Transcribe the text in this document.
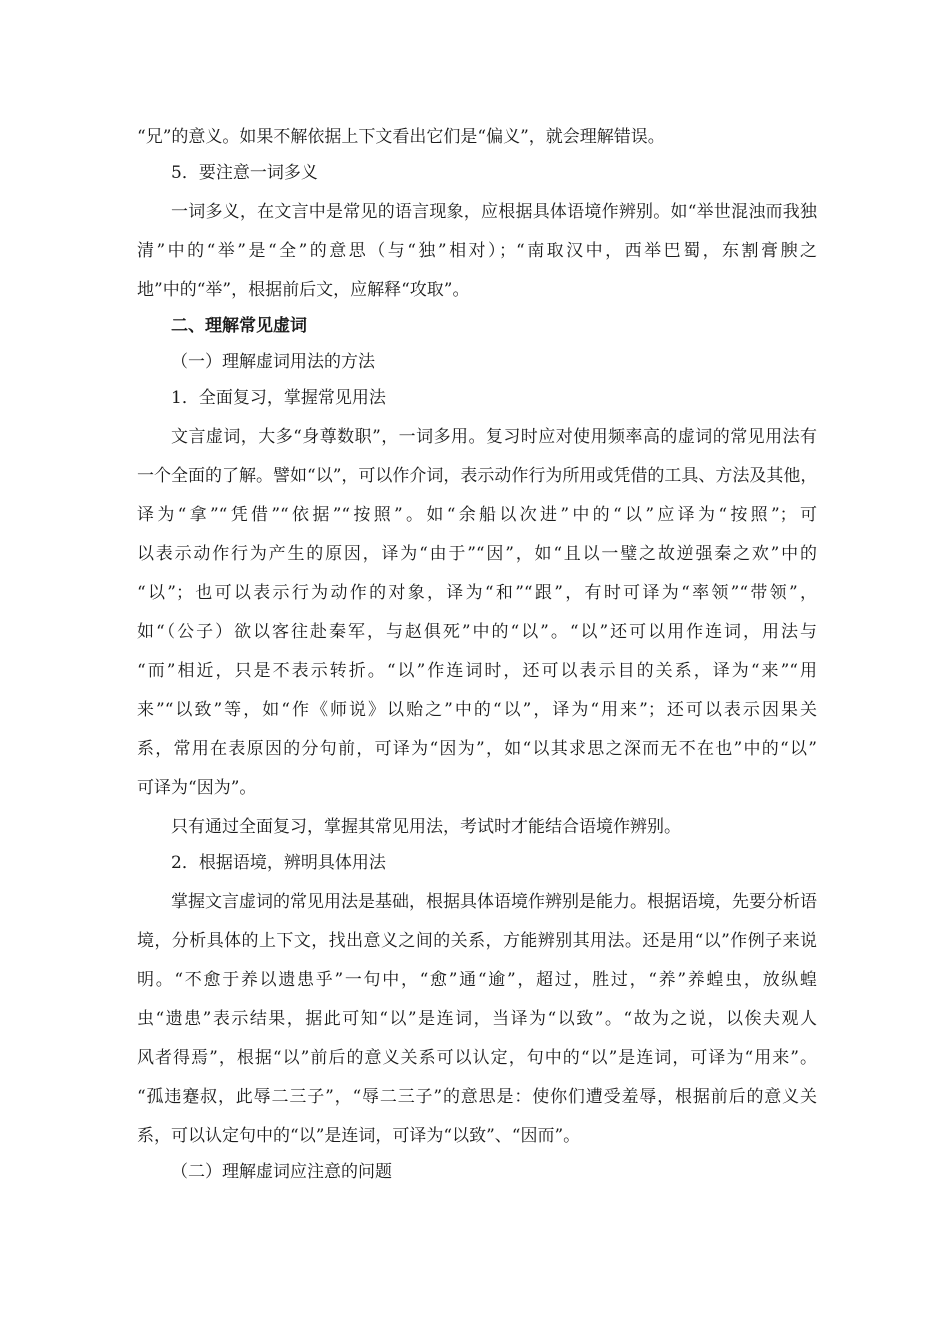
“兄”的意义。如果不解依据上下文看出它们是“偏义”，就会理解错误。
5．要注意一词多义
一词多义，在文言中是常见的语言现象，应根据具体语境作辨别。如“举世混浊而我独
清”中的“举”是“全”的意思（与“独”相对）；“南取汉中，西举巴蜀，东割膏腴之
地”中的“举”，根据前后文，应解释“攻取”。
二、理解常见虚词
（一）理解虚词用法的方法
1．全面复习，掌握常见用法
文言虚词，大多“身尊数职”，一词多用。复习时应对使用频率高的虚词的常见用法有
一个全面的了解。譬如“以”，可以作介词，表示动作行为所用或凭借的工具、方法及其他，
译为“拿”“凭借”“依据”“按照”。如“余船以次进”中的“以”应译为“按照”；可
以表示动作行为产生的原因，译为“由于”“因”，如“且以一璧之故逆强秦之欢”中的
“以”；也可以表示行为动作的对象，译为“和”“跟”，有时可译为“率领”“带领”，
如“（公子）欲以客往赴秦军，与赵俱死”中的“以”。“以”还可以用作连词，用法与
“而”相近，只是不表示转折。“以”作连词时，还可以表示目的关系，译为“来”“用
来”“以致”等，如“作《师说》以贻之”中的“以”，译为“用来”；还可以表示因果关
系，常用在表原因的分句前，可译为“因为”，如“以其求思之深而无不在也”中的“以”
可译为“因为”。
只有通过全面复习，掌握其常见用法，考试时才能结合语境作辨别。
2．根据语境，辨明具体用法
掌握文言虚词的常见用法是基础，根据具体语境作辨别是能力。根据语境，先要分析语
境，分析具体的上下文，找出意义之间的关系，方能辨别其用法。还是用“以”作例子来说
明。“不愈于养以遗患乎”一句中，“愈”通“逾”，超过，胜过，“养”养蝗虫，放纵蝗
虫“遗患”表示结果，据此可知“以”是连词，当译为“以致”。“故为之说，以俟夫观人
风者得焉”，根据“以”前后的意义关系可以认定，句中的“以”是连词，可译为“用来”。
“孤违蹇叔，此辱二三子”，“辱二三子”的意思是：使你们遭受羞辱，根据前后的意义关
系，可以认定句中的“以”是连词，可译为“以致”、“因而”。
（二）理解虚词应注意的问题
